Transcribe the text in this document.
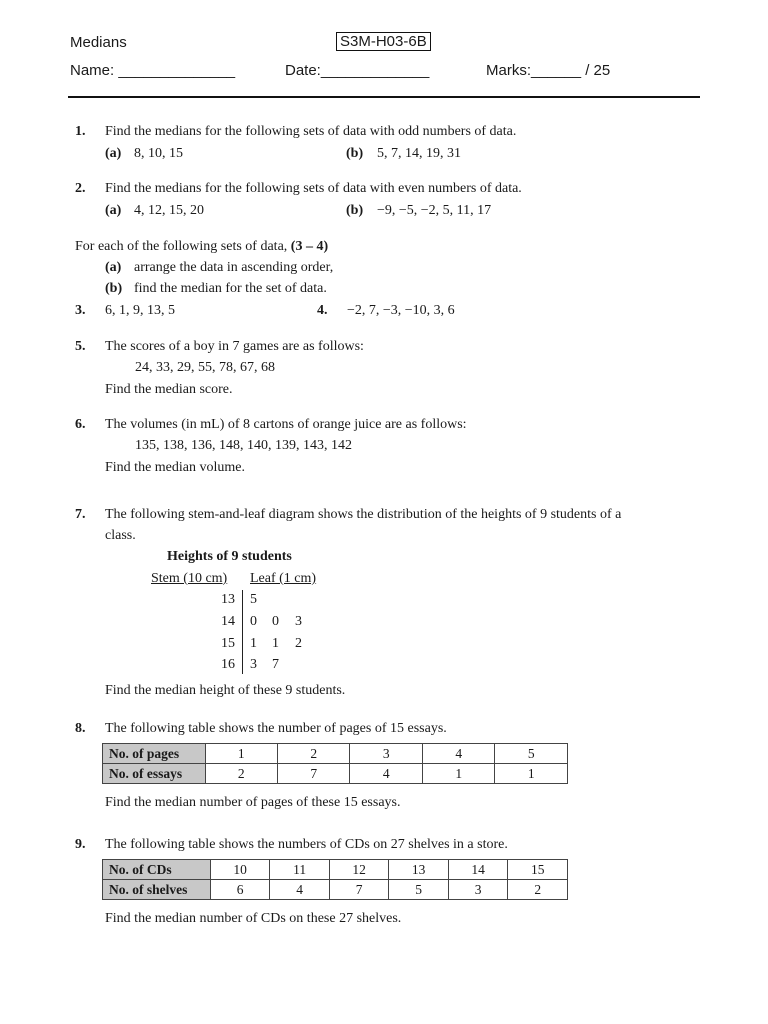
Medians	S3M-H03-6B
Name: ______________	Date:_____________	Marks:______ / 25
1. Find the medians for the following sets of data with odd numbers of data.
(a) 8, 10, 15	(b) 5, 7, 14, 19, 31
2. Find the medians for the following sets of data with even numbers of data.
(a) 4, 12, 15, 20	(b) −9, −5, −2, 5, 11, 17
For each of the following sets of data, (3 – 4)
(a) arrange the data in ascending order,
(b) find the median for the set of data.
3. 6, 1, 9, 13, 5	4. −2, 7, −3, −10, 3, 6
5. The scores of a boy in 7 games are as follows:
24, 33, 29, 55, 78, 67, 68
Find the median score.
6. The volumes (in mL) of 8 cartons of orange juice are as follows:
135, 138, 136, 148, 140, 139, 143, 142
Find the median volume.
7. The following stem-and-leaf diagram shows the distribution of the heights of 9 students of a
class.
Heights of 9 students
Stem (10 cm) Leaf (1 cm)
13 5
14 0 0 3
15 1 1 2
16 3 7
Find the median height of these 9 students.
8. The following table shows the number of pages of 15 essays.
No. of pages	1	2	3	4	5
No. of essays	2	7	4	1	1
Find the median number of pages of these 15 essays.
9. The following table shows the numbers of CDs on 27 shelves in a store.
No. of CDs	10	11	12	13	14	15
No. of shelves	6	4	7	5	3	2
Find the median number of CDs on these 27 shelves.
